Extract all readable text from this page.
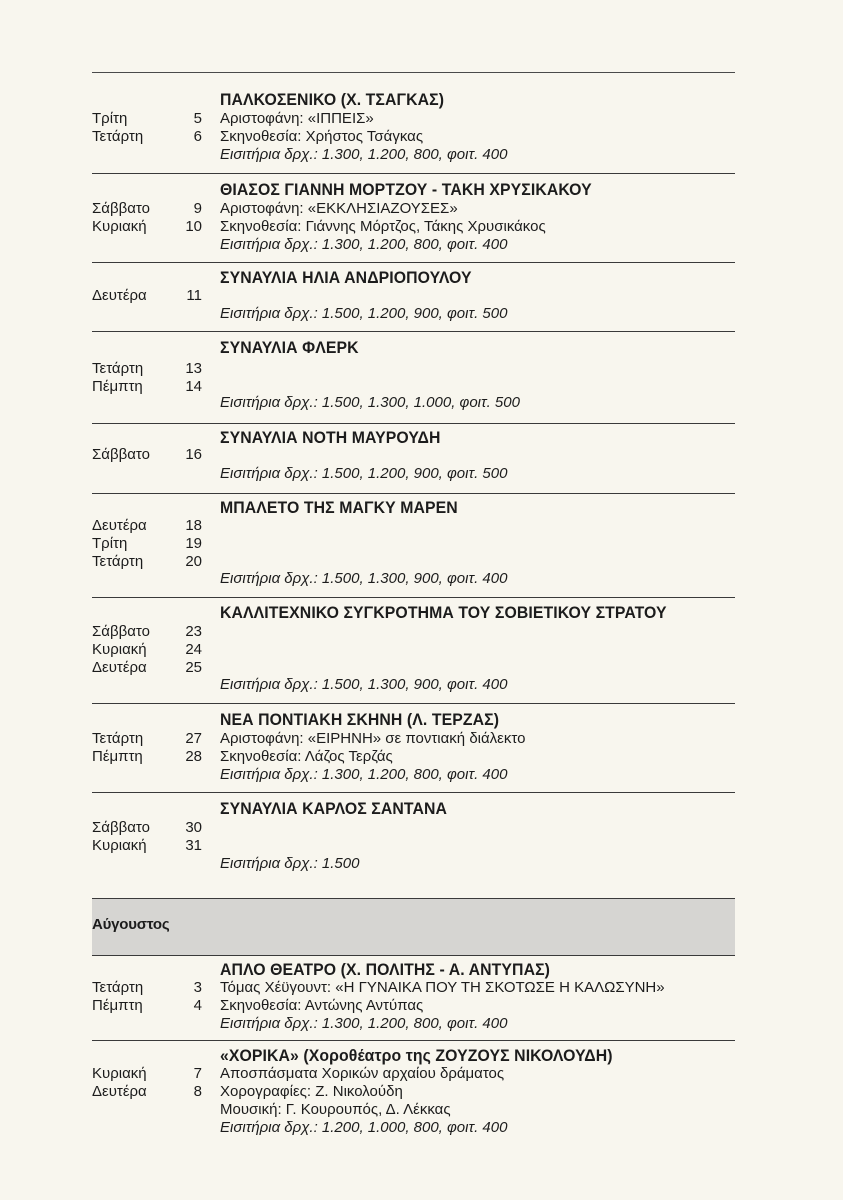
Αύγουστος
ΠΑΛΚΟΣΕΝΙΚΟ (Χ. ΤΣΑΓΚΑΣ)
Τρίτη	5
Τετάρτη	6
Αριστοφάνη: «ΙΠΠΕΙΣ»
Σκηνοθεσία: Χρήστος Τσάγκας
Εισιτήρια δρχ.: 1.300, 1.200, 800, φοιτ. 400
ΘΙΑΣΟΣ ΓΙΑΝΝΗ ΜΟΡΤΖΟΥ - ΤΑΚΗ ΧΡΥΣΙΚΑΚΟΥ
Σάββατο	9
Κυριακή	10
Αριστοφάνη: «ΕΚΚΛΗΣΙΑΖΟΥΣΕΣ»
Σκηνοθεσία: Γιάννης Μόρτζος, Τάκης Χρυσικάκος
Εισιτήρια δρχ.: 1.300, 1.200, 800, φοιτ. 400
ΣΥΝΑΥΛΙΑ ΗΛΙΑ ΑΝΔΡΙΟΠΟΥΛΟΥ
Δευτέρα	11
Εισιτήρια δρχ.: 1.500, 1.200, 900, φοιτ. 500
ΣΥΝΑΥΛΙΑ ΦΛΕΡΚ
Τετάρτη	13
Πέμπτη	14
Εισιτήρια δρχ.: 1.500, 1.300, 1.000, φοιτ. 500
ΣΥΝΑΥΛΙΑ ΝΟΤΗ ΜΑΥΡΟΥΔΗ
Σάββατο 16
Εισιτήρια δρχ.: 1.500, 1.200, 900, φοιτ. 500
ΜΠΑΛΕΤΟ ΤΗΣ ΜΑΓΚΥ ΜΑΡΕΝ
Δευτέρα	18
Τρίτη	19
Τετάρτη	20
Εισιτήρια δρχ.: 1.500, 1.300, 900, φοιτ. 400
ΚΑΛΛΙΤΕΧΝΙΚΟ ΣΥΓΚΡΟΤΗΜΑ ΤΟΥ ΣΟΒΙΕΤΙΚΟΥ ΣΤΡΑΤΟΥ
Σάββατο 23
Κυριακή	24
Δευτέρα	25
Εισιτήρια δρχ.: 1.500, 1.300, 900, φοιτ. 400
ΝΕΑ ΠΟΝΤΙΑΚΗ ΣΚΗΝΗ (Λ. ΤΕΡΖΑΣ)
Τετάρτη	27
Πέμπτη	28
Αριστοφάνη: «ΕΙΡΗΝΗ» σε ποντιακή διάλεκτο
Σκηνοθεσία: Λάζος Τερζάς
Εισιτήρια δρχ.: 1.300, 1.200, 800, φοιτ. 400
ΣΥΝΑΥΛΙΑ ΚΑΡΛΟΣ ΣΑΝΤΑΝΑ
Σάββατο 30
Κυριακή	31
Εισιτήρια δρχ.: 1.500
ΑΠΛΟ ΘΕΑΤΡΟ (Χ. ΠΟΛΙΤΗΣ - Α. ΑΝΤΥΠΑΣ)
Τετάρτη	3
Πέμπτη	4
Τόμας Χέϋγουντ: «Η ΓΥΝΑΙΚΑ ΠΟΥ ΤΗ ΣΚΟΤΩΣΕ Η ΚΑΛΩΣΥΝΗ»
Σκηνοθεσία: Αντώνης Αντύπας
Εισιτήρια δρχ.: 1.300, 1.200, 800, φοιτ. 400
«ΧΟΡΙΚΑ» (Χοροθέατρο της ΖΟΥΖΟΥΣ ΝΙΚΟΛΟΥΔΗ)
Κυριακή	7
Δευτέρα	8
Αποσπάσματα Χορικών αρχαίου δράματος
Χορογραφίες: Ζ. Νικολούδη
Μουσική: Γ. Κουρουπός, Δ. Λέκκας
Εισιτήρια δρχ.: 1.200, 1.000, 800, φοιτ. 400
